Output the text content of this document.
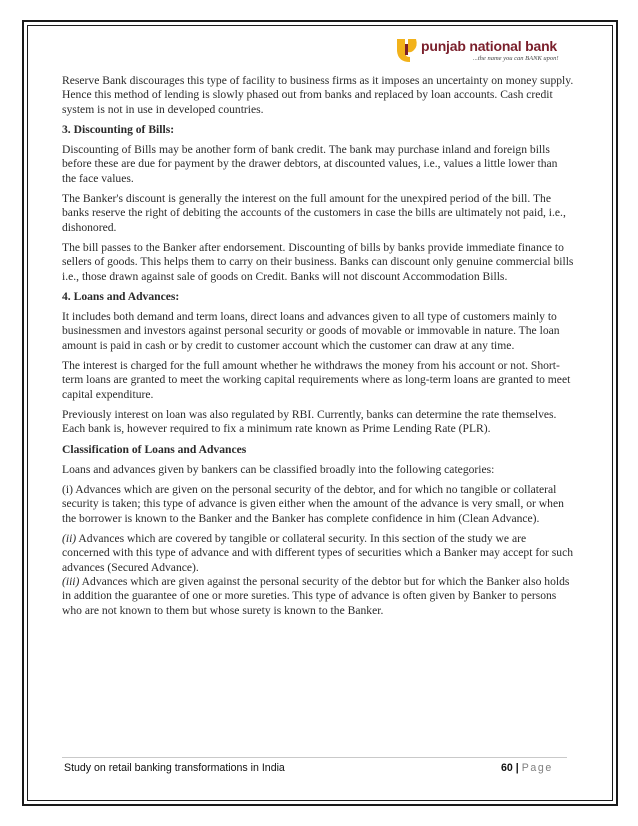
punjab national bank
...the name you can BANK upon!

Reserve Bank discourages this type of facility to business firms as it imposes an uncertainty on money supply. Hence this method of lending is slowly phased out from banks and replaced by loan accounts. Cash credit system is not in use in developed countries.

3. Discounting of Bills:

Discounting of Bills may be another form of bank credit. The bank may purchase inland and foreign bills before these are due for payment by the drawer debtors, at discounted values, i.e., values a little lower than the face values.

The Banker's discount is generally the interest on the full amount for the unexpired period of the bill. The banks reserve the right of debiting the accounts of the customers in case the bills are ultimately not paid, i.e., dishonored.

The bill passes to the Banker after endorsement. Discounting of bills by banks provide immediate finance to sellers of goods. This helps them to carry on their business. Banks can discount only genuine commercial bills i.e., those drawn against sale of goods on Credit. Banks will not discount Accommodation Bills.

4. Loans and Advances:

It includes both demand and term loans, direct loans and advances given to all type of customers mainly to businessmen and investors against personal security or goods of movable or immovable in nature. The loan amount is paid in cash or by credit to customer account which the customer can draw at any time.

The interest is charged for the full amount whether he withdraws the money from his account or not. Short-term loans are granted to meet the working capital requirements where as long-term loans are granted to meet capital expenditure.

Previously interest on loan was also regulated by RBI. Currently, banks can determine the rate themselves. Each bank is, however required to fix a minimum rate known as Prime Lending Rate (PLR).

Classification of Loans and Advances

Loans and advances given by bankers can be classified broadly into the following categories:

(i) Advances which are given on the personal security of the debtor, and for which no tangible or collateral security is taken; this type of advance is given either when the amount of the advance is very small, or when the borrower is known to the Banker and the Banker has complete confidence in him (Clean Advance).

(ii) Advances which are covered by tangible or collateral security. In this section of the study we are concerned with this type of advance and with different types of securities which a Banker may accept for such advances (Secured Advance).

(iii) Advances which are given against the personal security of the debtor but for which the Banker also holds in addition the guarantee of one or more sureties. This type of advance is often given by Banker to persons who are not known to them but whose surety is known to the Banker.

Study on retail banking transformations in India	60 | Page
